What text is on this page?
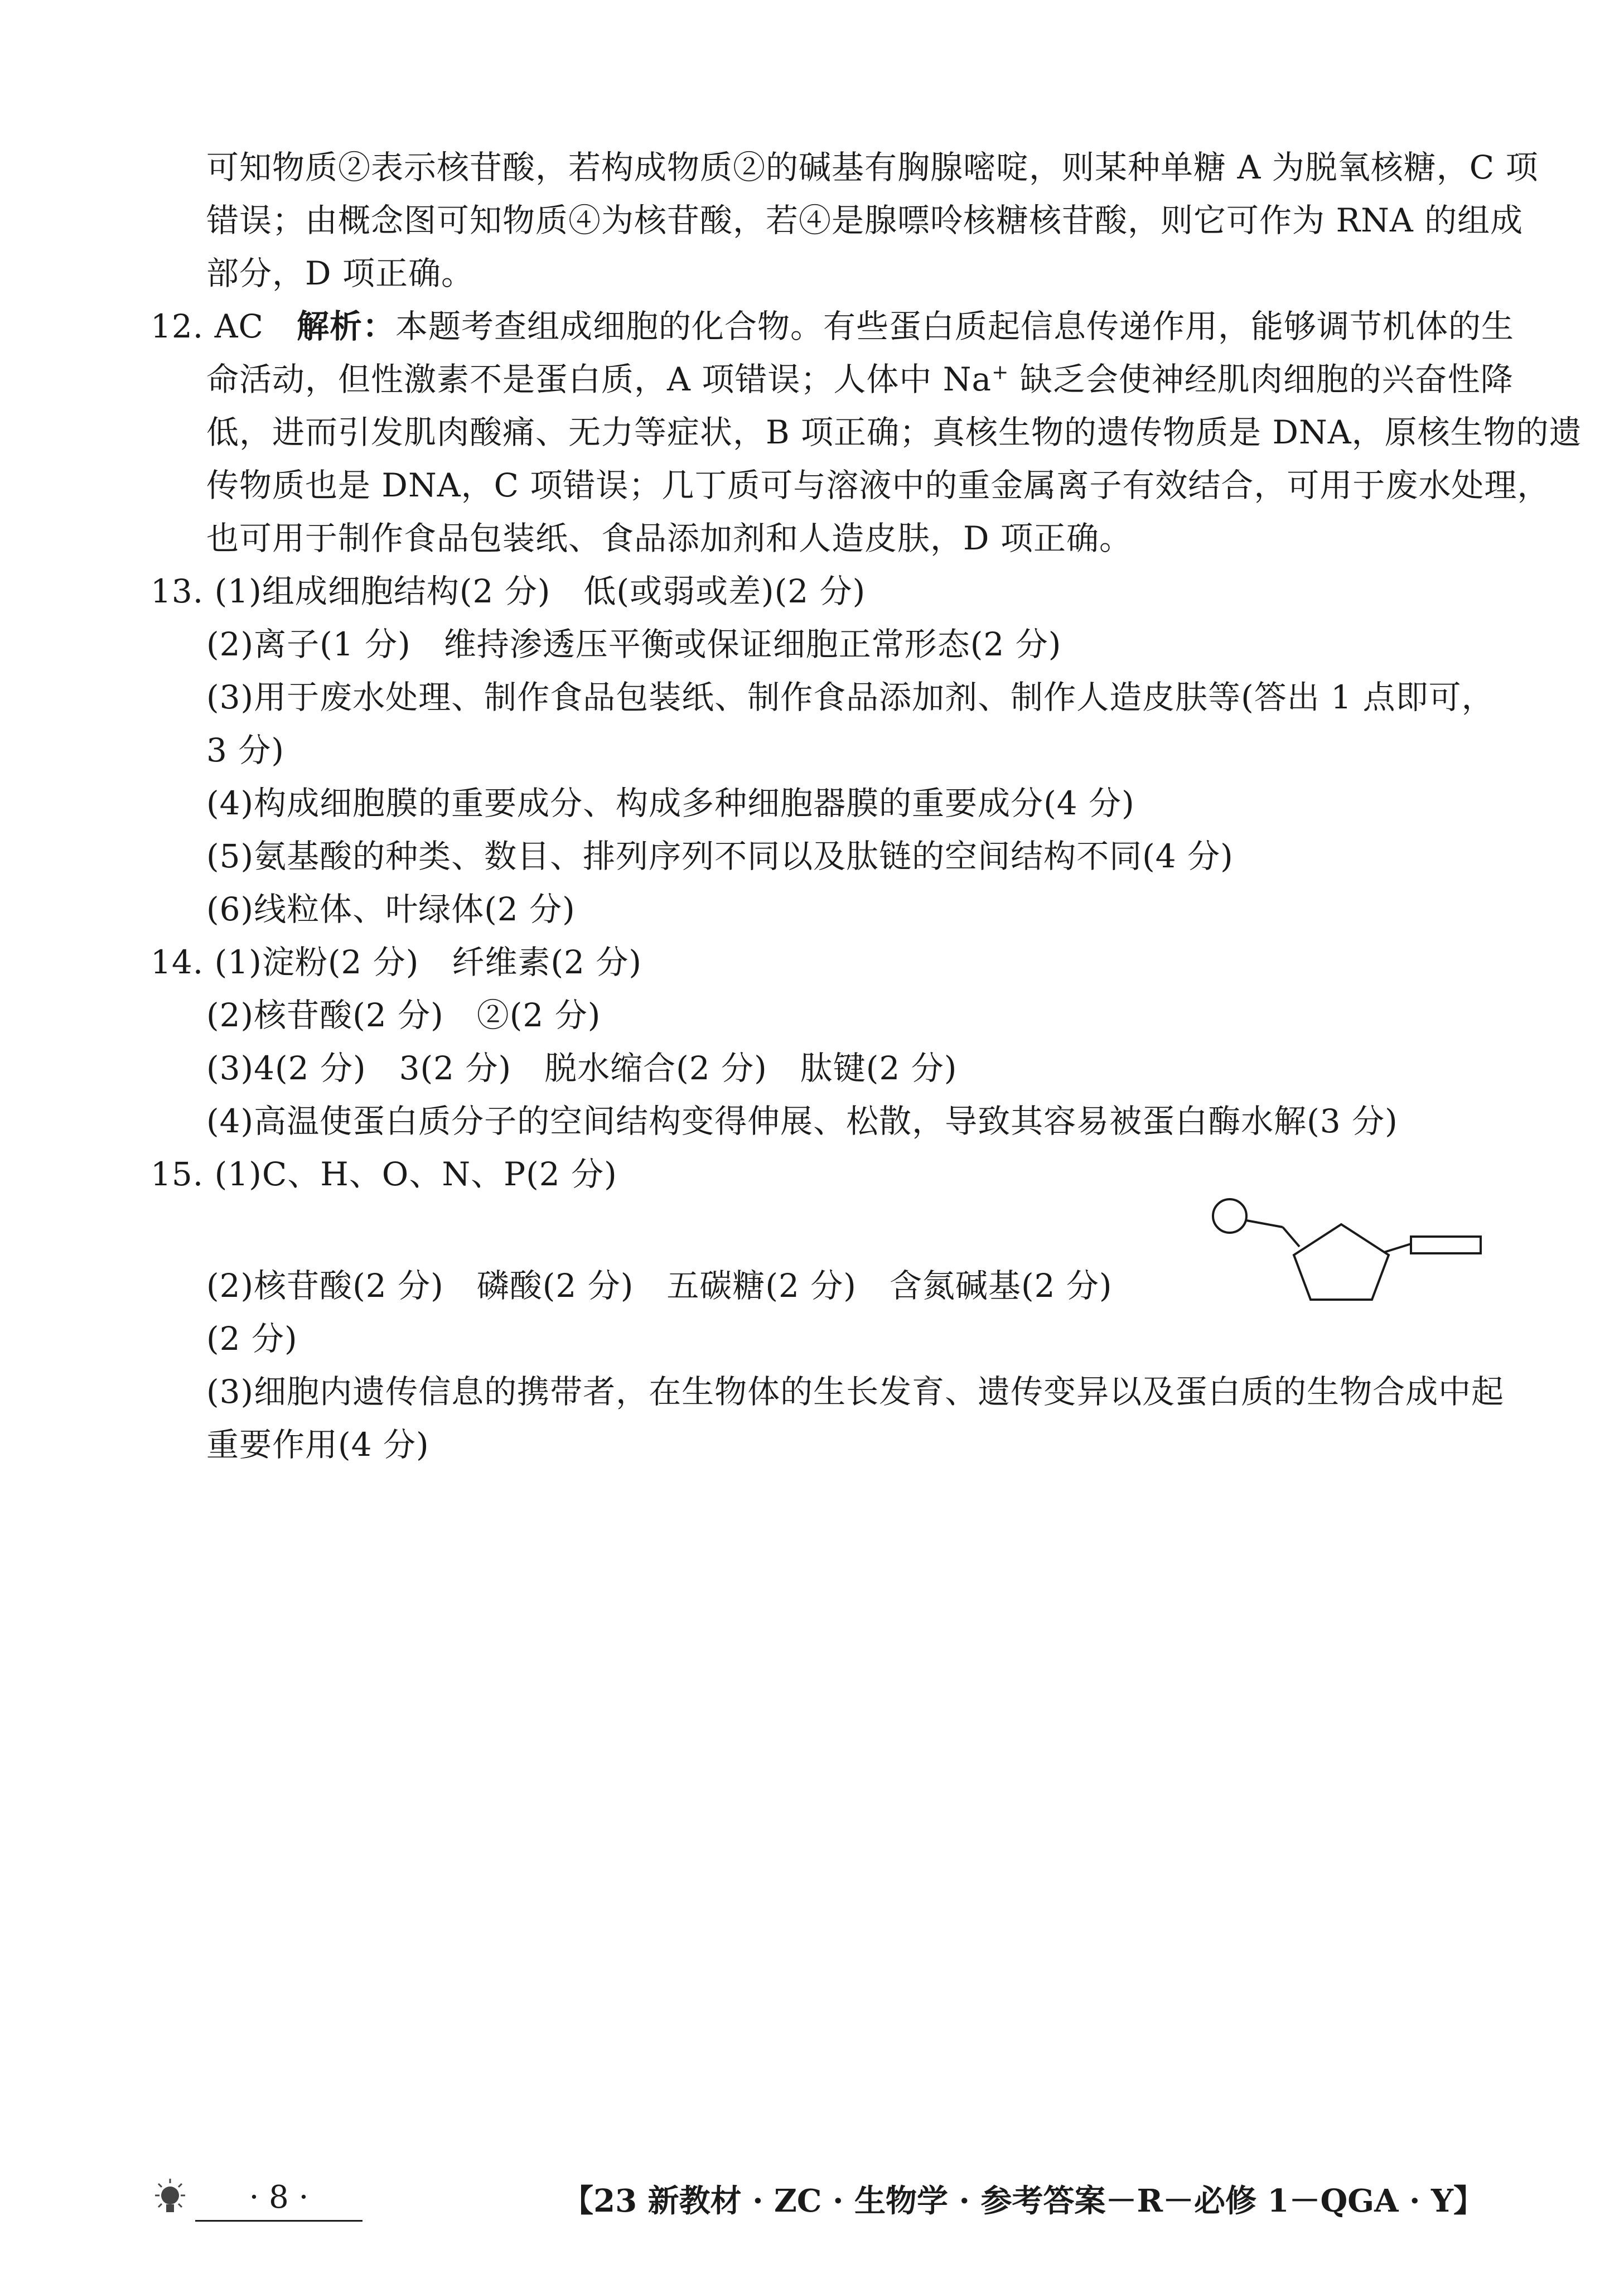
可知物质②表示核苷酸，若构成物质②的碱基有胸腺嘧啶，则某种单糖 A 为脱氧核糖，C 项
错误；由概念图可知物质④为核苷酸，若④是腺嘌呤核糖核苷酸，则它可作为 RNA 的组成
部分，D 项正确。
12. AC　解析：本题考查组成细胞的化合物。有些蛋白质起信息传递作用，能够调节机体的生
命活动，但性激素不是蛋白质，A 项错误；人体中 Na+ 缺乏会使神经肌肉细胞的兴奋性降
低，进而引发肌肉酸痛、无力等症状，B 项正确；真核生物的遗传物质是 DNA，原核生物的遗
传物质也是 DNA，C 项错误；几丁质可与溶液中的重金属离子有效结合，可用于废水处理，
也可用于制作食品包装纸、食品添加剂和人造皮肤，D 项正确。
13. (1)组成细胞结构(2 分)　低(或弱或差)(2 分)
(2)离子(1 分)　维持渗透压平衡或保证细胞正常形态(2 分)
(3)用于废水处理、制作食品包装纸、制作食品添加剂、制作人造皮肤等(答出 1 点即可，
3 分)
(4)构成细胞膜的重要成分、构成多种细胞器膜的重要成分(4 分)
(5)氨基酸的种类、数目、排列序列不同以及肽链的空间结构不同(4 分)
(6)线粒体、叶绿体(2 分)
14. (1)淀粉(2 分)　纤维素(2 分)
(2)核苷酸(2 分)　②(2 分)
(3)4(2 分)　3(2 分)　脱水缩合(2 分)　肽键(2 分)
(4)高温使蛋白质分子的空间结构变得伸展、松散，导致其容易被蛋白酶水解(3 分)
15. (1)C、H、O、N、P(2 分)
(2)核苷酸(2 分)　磷酸(2 分)　五碳糖(2 分)　含氮碱基(2 分)
(2 分)
(3)细胞内遗传信息的携带者，在生物体的生长发育、遗传变异以及蛋白质的生物合成中起
重要作用(4 分)
· 8 ·	【23 新教材 · ZC · 生物学 · 参考答案－R－必修 1－QGA · Y】
